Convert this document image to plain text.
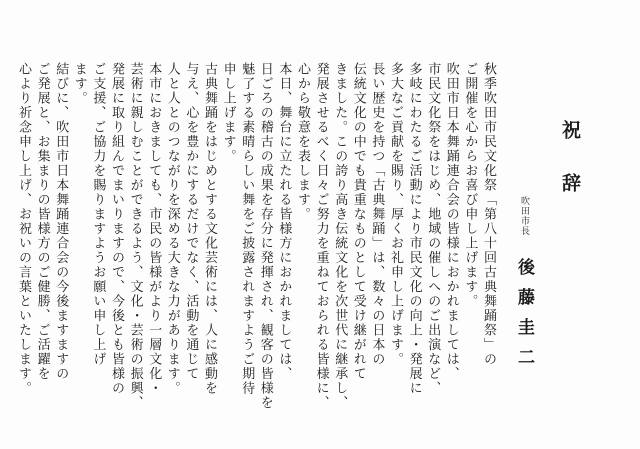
祝辞
吹田市長
後藤圭二
秋季吹田市民文化祭「第八十回古典舞踊祭」の
ご開催を心からお喜び申し上げます。
吹田市日本舞踊連合会の皆様におかれましては、
市民文化祭をはじめ、地域の催しへのご出演など、
多岐にわたるご活動により市民文化の向上・発展に
多大なご貢献を賜り、厚くお礼申し上げます。
長い歴史を持つ「古典舞踊」は、数々の日本の
伝統文化の中でも貴重なものとして受け継がれて
きました。この誇り高き伝統文化を次世代に継承し、
発展させるべく日々ご努力を重ねておられる皆様に、
心から敬意を表します。
本日、舞台に立たれる皆様方におかれましては、
日ごろの稽古の成果を存分に発揮され、観客の皆様を
魅了する素晴らしい舞をご披露されますようご期待
申し上げます。
古典舞踊をはじめとする文化芸術には、人に感動を
与え、心を豊かにするだけでなく、活動を通じて
人と人とのつながりを深める大きな力があります。
本市におきましても、市民の皆様がより一層文化・
芸術に親しむことができるよう、文化・芸術の振興、
発展に取り組んでまいりますので、今後とも皆様の
ご支援、ご協力を賜りますようお願い申し上げ
ます。
結びに、吹田市日本舞踊連合会の今後ますますの
ご発展と、お集まりの皆様方のご健勝、ご活躍を
心より祈念申し上げ、お祝いの言葉といたします。
